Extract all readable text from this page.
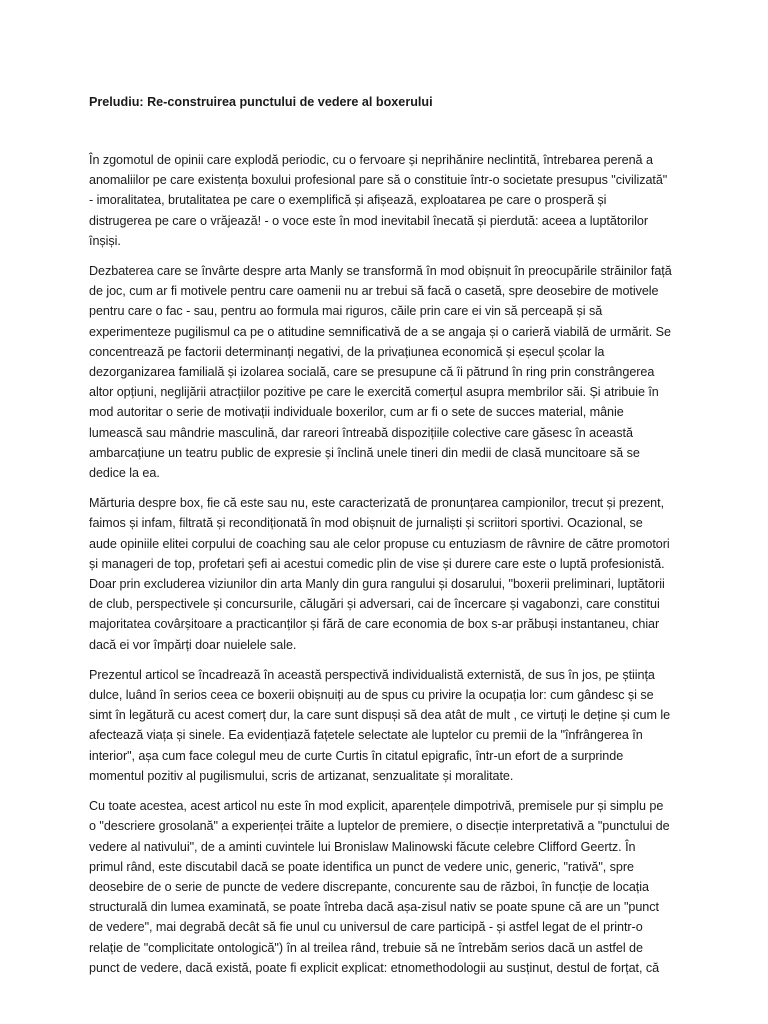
Preludiu: Re-construirea punctului de vedere al boxerului

În zgomotul de opinii care explodă periodic, cu o fervoare și neprihănire neclintită, întrebarea perenă a anomaliilor pe care existența boxului profesional pare să o constituie într-o societate presupus "civilizată" - imoralitatea, brutalitatea pe care o exemplifică și afișează, exploatarea pe care o prosperă și distrugerea pe care o vrăjează! - o voce este în mod inevitabil înecată și pierdută: aceea a luptătorilor înșiși.

Dezbaterea care se învârte despre arta Manly se transformă în mod obișnuit în preocupările străinilor față de joc, cum ar fi motivele pentru care oamenii nu ar trebui să facă o casetă, spre deosebire de motivele pentru care o fac - sau, pentru ao formula mai riguros, căile prin care ei vin să perceapă și să experimenteze pugilismul ca pe o atitudine semnificativă de a se angaja și o carieră viabilă de urmărit. Se concentrează pe factorii determinanți negativi, de la privațiunea economică și eșecul școlar la dezorganizarea familială și izolarea socială, care se presupune că îi pătrund în ring prin constrângerea altor opțiuni, neglijării atracțiilor pozitive pe care le exercită comerțul asupra membrilor săi. Și atribuie în mod autoritar o serie de motivații individuale boxerilor, cum ar fi o sete de succes material, mânie lumească sau mândrie masculină, dar rareori întreabă dispozițiile colective care găsesc în această ambarcațiune un teatru public de expresie și înclină unele tineri din medii de clasă muncitoare să se dedice la ea.

Mărturia despre box, fie că este sau nu, este caracterizată de pronunțarea campionilor, trecut și prezent, faimos și infam, filtrată și recondiționată în mod obișnuit de jurnaliști și scriitori sportivi. Ocazional, se aude opiniile elitei corpului de coaching sau ale celor propuse cu entuziasm de râvnire de către promotori și manageri de top, profetari șefi ai acestui comedic plin de vise și durere care este o luptă profesionistă. Doar prin excluderea viziunilor din arta Manly din gura rangului și dosarului, "boxerii preliminari, luptătorii de club, perspectivele și concursurile, călugări și adversari, cai de încercare și vagabonzi, care constitui majoritatea covârșitoare a practicanților și fără de care economia de box s-ar prăbuși instantaneu, chiar dacă ei vor împărți doar nuielele sale.

Prezentul articol se încadrează în această perspectivă individualistă externistă, de sus în jos, pe știința dulce, luând în serios ceea ce boxerii obișnuiți au de spus cu privire la ocupația lor: cum gândesc și se simt în legătură cu acest comerț dur, la care sunt dispuși să dea atât de mult , ce virtuți le deține și cum le afectează viața și sinele. Ea evidențiază fațetele selectate ale luptelor cu premii de la "înfrângerea în interior", așa cum face colegul meu de curte Curtis în citatul epigrafic, într-un efort de a surprinde momentul pozitiv al pugilismului, scris de artizanat, senzualitate și moralitate.

Cu toate acestea, acest articol nu este în mod explicit, aparențele dimpotrivă, premisele pur și simplu pe o "descriere grosolană" a experienței trăite a luptelor de premiere, o disecție interpretativă a "punctului de vedere al nativului", de a aminti cuvintele lui Bronislaw Malinowski făcute celebre Clifford Geertz. În primul rând, este discutabil dacă se poate identifica un punct de vedere unic, generic, "rativă", spre deosebire de o serie de puncte de vedere discrepante, concurente sau de război, în funcție de locația structurală din lumea examinată, se poate întreba dacă așa-zisul nativ se poate spune că are un "punct de vedere", mai degrabă decât să fie unul cu universul de care participă - și astfel legat de el printr-o relație de "complicitate ontologică") în al treilea rând, trebuie să ne întrebăm serios dacă un astfel de punct de vedere, dacă există, poate fi explicit explicat: etnomethodologii au susținut, destul de forțat, că
